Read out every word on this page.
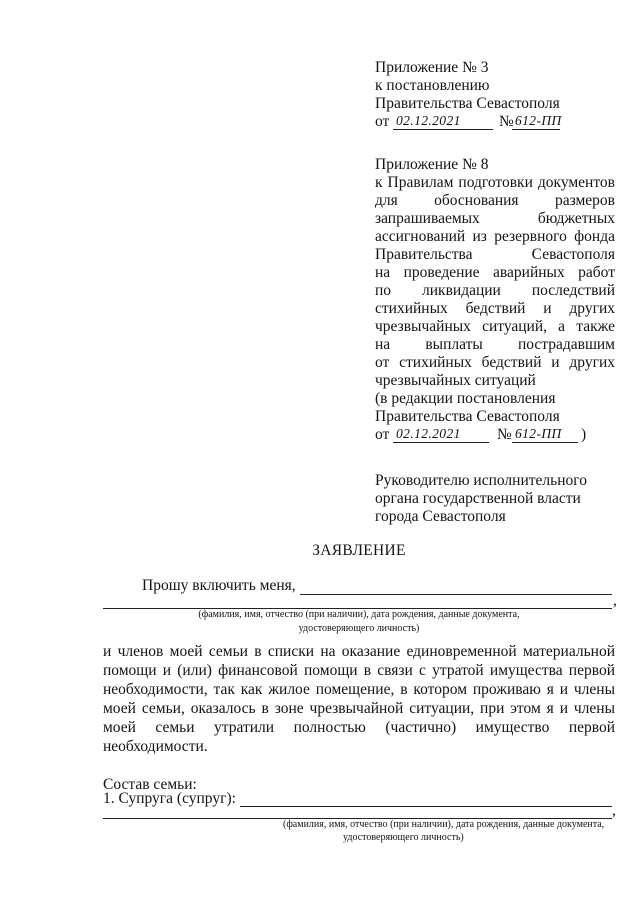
Приложение № 3
к постановлению
Правительства Севастополя
от 02.12.2021 № 612-ПП
Приложение № 8
к Правилам подготовки документов
для обоснования размеров
запрашиваемых бюджетных
ассигнований из резервного фонда
Правительства Севастополя
на проведение аварийных работ
по ликвидации последствий
стихийных бедствий и других
чрезвычайных ситуаций, а также
на выплаты пострадавшим
от стихийных бедствий и других
чрезвычайных ситуаций
(в редакции постановления
Правительства Севастополя
от 02.12.2021 № 612-ПП )
Руководителю исполнительного
органа государственной власти
города Севастополя
ЗАЯВЛЕНИЕ
Прошу включить меня,
,
(фамилия, имя, отчество (при наличии), дата рождения, данные документа,
удостоверяющего личность)
и членов моей семьи в списки на оказание единовременной материальной
помощи и (или) финансовой помощи в связи с утратой имущества первой
необходимости, так как жилое помещение, в котором проживаю я и члены
моей семьи, оказалось в зоне чрезвычайной ситуации, при этом я и члены
моей семьи утратили полностью (частично) имущество первой
необходимости.
Состав семьи:
1. Супруга (супруг):
,
(фамилия, имя, отчество (при наличии), дата рождения, данные документа,
удостоверяющего личность)
